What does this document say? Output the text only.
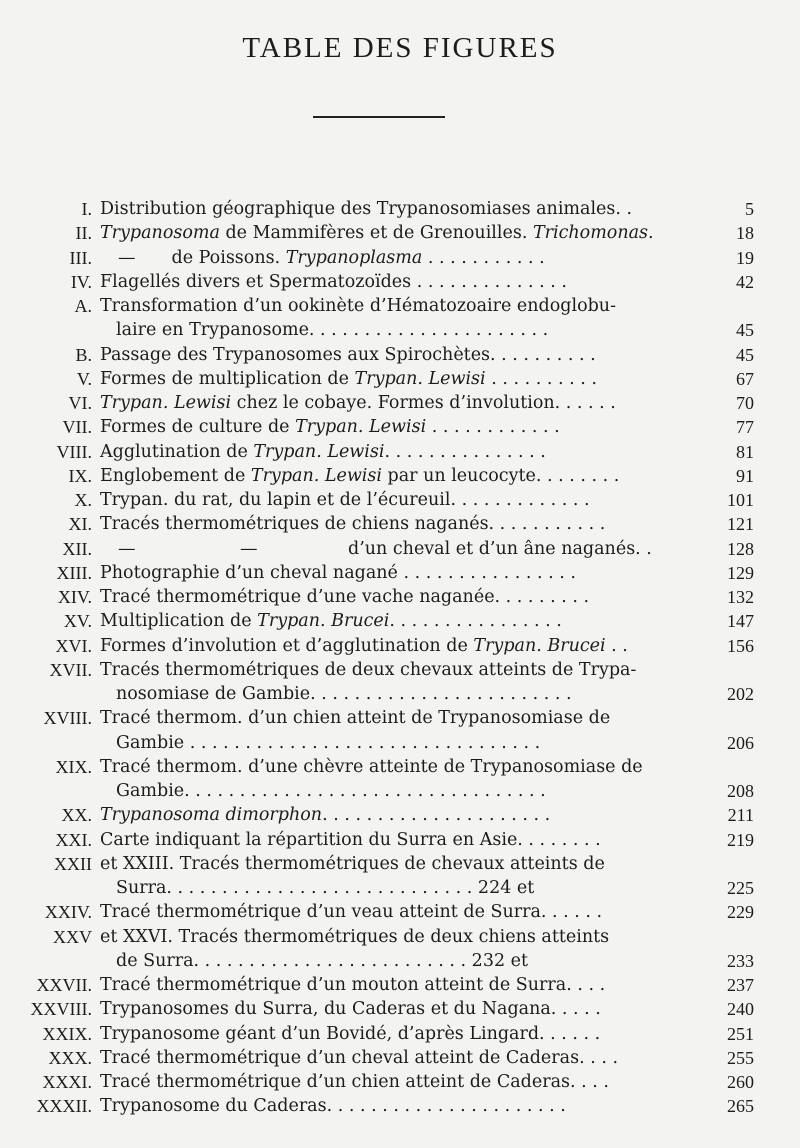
TABLE DES FIGURES
I. Distribution géographique des Trypanosomiases animales. .	5
II. Trypanosoma de Mammifères et de Grenouilles. Trichomonas.	18
III.	— de Poissons. Trypanoplasma . . . . . . . . . . .	19
IV. Flagellés divers et Spermatozoïdes . . . . . . . . . . . . . .	42
A. Transformation d’un ookinète d’Hématozoaire endoglobu-
laire en Trypanosome. . . . . . . . . . . . . . . . . . . . . .	45
B. Passage des Trypanosomes aux Spirochètes. . . . . . . . . .	45
V. Formes de multiplication de Trypan. Lewisi . . . . . . . . . .	67
VI. Trypan. Lewisi chez le cobaye. Formes d’involution. . . . . .	70
VII. Formes de culture de Trypan. Lewisi . . . . . . . . . . . .	77
VIII. Agglutination de Trypan. Lewisi. . . . . . . . . . . . . . .	81
IX. Englobement de Trypan. Lewisi par un leucocyte. . . . . . . .	91
X. Trypan. du rat, du lapin et de l’écureuil. . . . . . . . . . . . .	101
XI. Tracés thermométriques de chiens naganés. . . . . . . . . . .	121
XII. —	—	d’un cheval et d’un âne naganés. .	128
XIII. Photographie d’un cheval nagané . . . . . . . . . . . . . . . .	129
XIV. Tracé thermométrique d’une vache naganée. . . . . . . . .	132
XV. Multiplication de Trypan. Brucei. . . . . . . . . . . . . . . .	147
XVI. Formes d’involution et d’agglutination de Trypan. Brucei . .	156
XVII. Tracés thermométriques de deux chevaux atteints de Trypa-
nosomiase de Gambie. . . . . . . . . . . . . . . . . . . . . . . .	202
XVIII. Tracé thermom. d’un chien atteint de Trypanosomiase de
Gambie . . . . . . . . . . . . . . . . . . . . . . . . . . . . . . . .	206
XIX. Tracé thermom. d’une chèvre atteinte de Trypanosomiase de
Gambie. . . . . . . . . . . . . . . . . . . . . . . . . . . . . . . . .	208
XX. Trypanosoma dimorphon. . . . . . . . . . . . . . . . . . . . .	211
XXI. Carte indiquant la répartition du Surra en Asie. . . . . . . .	219
XXII et XXIII. Tracés thermométriques de chevaux atteints de
Surra. . . . . . . . . . . . . . . . . . . . . . . . . . . . 224 et	225
XXIV. Tracé thermométrique d’un veau atteint de Surra. . . . . .	229
XXV et XXVI. Tracés thermométriques de deux chiens atteints
de Surra. . . . . . . . . . . . . . . . . . . . . . . . . 232 et	233
XXVII. Tracé thermométrique d’un mouton atteint de Surra. . . .	237
XXVIII. Trypanosomes du Surra, du Caderas et du Nagana. . . . .	240
XXIX. Trypanosome géant d’un Bovidé, d’après Lingard. . . . . .	251
XXX. Tracé thermométrique d’un cheval atteint de Caderas. . . .	255
XXXI. Tracé thermométrique d’un chien atteint de Caderas. . . .	260
XXXII. Trypanosome du Caderas. . . . . . . . . . . . . . . . . . . . . .	265
